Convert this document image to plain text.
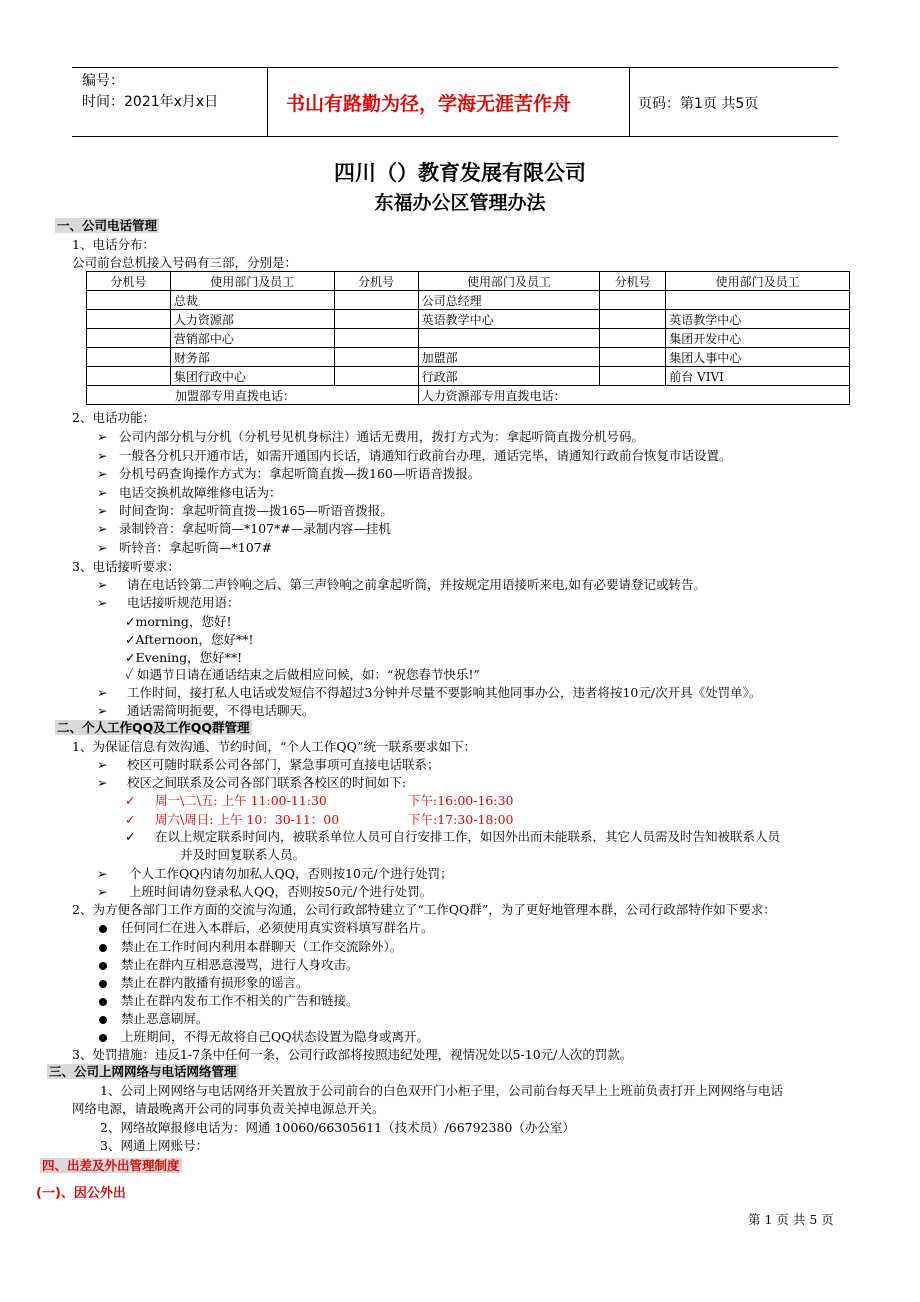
编号：
时间：2021年x月x日	书山有路勤为径，学海无涯苦作舟	页码：第1页 共5页
四川（）教育发展有限公司
东福办公区管理办法
一、公司电话管理
1、电话分布：
公司前台总机接入号码有三部，分别是：
分机号	使用部门及员工	分机号	使用部门及员工	分机号	使用部门及员工
	总裁		公司总经理		
	人力资源部		英语教学中心		英语教学中心
	营销部中心				集团开发中心
	财务部		加盟部		集团人事中心
	集团行政中心		行政部		前台 VIVI
加盟部专用直拨电话：			人力资源部专用直拨电话：		
2、电话功能：
➢ 公司内部分机与分机（分机号见机身标注）通话无费用，拨打方式为：拿起听筒直拨分机号码。
➢ 一般各分机只开通市话，如需开通国内长话，请通知行政前台办理，通话完毕，请通知行政前台恢复市话设置。
➢ 分机号码查询操作方式为：拿起听筒直拨—拨160—听语音拨报。
➢ 电话交换机故障维修电话为：
➢ 时间查询：拿起听筒直拨—拨165—听语音拨报。
➢ 录制铃音：拿起听筒—*107*#—录制内容—挂机
➢ 听铃音：拿起听筒—*107#
3、电话接听要求：
➢ 请在电话铃第二声铃响之后、第三声铃响之前拿起听筒，并按规定用语接听来电,如有必要请登记或转告。
➢ 电话接听规范用语：
✓morning，您好!
✓Afternoon，您好**!
✓Evening，您好**!
✓ 如遇节日请在通话结束之后做相应问候，如：“祝您春节快乐!”
➢ 工作时间，接打私人电话或发短信不得超过3分钟并尽量不要影响其他同事办公，违者将按10元/次开具《处罚单》。
➢ 通话需简明扼要，不得电话聊天。
二、个人工作QQ及工作QQ群管理
1、为保证信息有效沟通、节约时间，“个人工作QQ”统一联系要求如下：
➢ 校区可随时联系公司各部门，紧急事项可直接电话联系；
➢ 校区之间联系及公司各部门联系各校区的时间如下:
✓ 周一\二\五: 上午 11:00-11:30	下午:16:00-16:30
✓ 周六\周日: 上午 10：30-11：00	下午:17:30-18:00
✓ 在以上规定联系时间内，被联系单位人员可自行安排工作，如因外出而未能联系，其它人员需及时告知被联系人员
并及时回复联系人员。
➢ 个人工作QQ内请勿加私人QQ，否则按10元/个进行处罚；
➢ 上班时间请勿登录私人QQ，否则按50元/个进行处罚。
2、为方便各部门工作方面的交流与沟通，公司行政部特建立了“工作QQ群”，为了更好地管理本群，公司行政部特作如下要求：
任何同仁在进入本群后，必须使用真实资料填写群名片。
禁止在工作时间内利用本群聊天（工作交流除外）。
禁止在群内互相恶意漫骂，进行人身攻击。
禁止在群内散播有损形象的谣言。
禁止在群内发布工作不相关的广告和链接。
禁止恶意刷屏。
上班期间，不得无故将自己QQ状态设置为隐身或离开。
3、处罚措施：违反1-7条中任何一条，公司行政部将按照违纪处理，视情况处以5-10元/人次的罚款。
三、公司上网网络与电话网络管理
1、公司上网网络与电话网络开关置放于公司前台的白色双开门小柜子里，公司前台每天早上上班前负责打开上网网络与电话
网络电源，请最晚离开公司的同事负责关掉电源总开关。
2、网络故障报修电话为：网通 10060/66305611（技术员）/66792380（办公室）
3、网通上网账号：
四、出差及外出管理制度
(一)、因公外出
第 1 页 共 5 页
